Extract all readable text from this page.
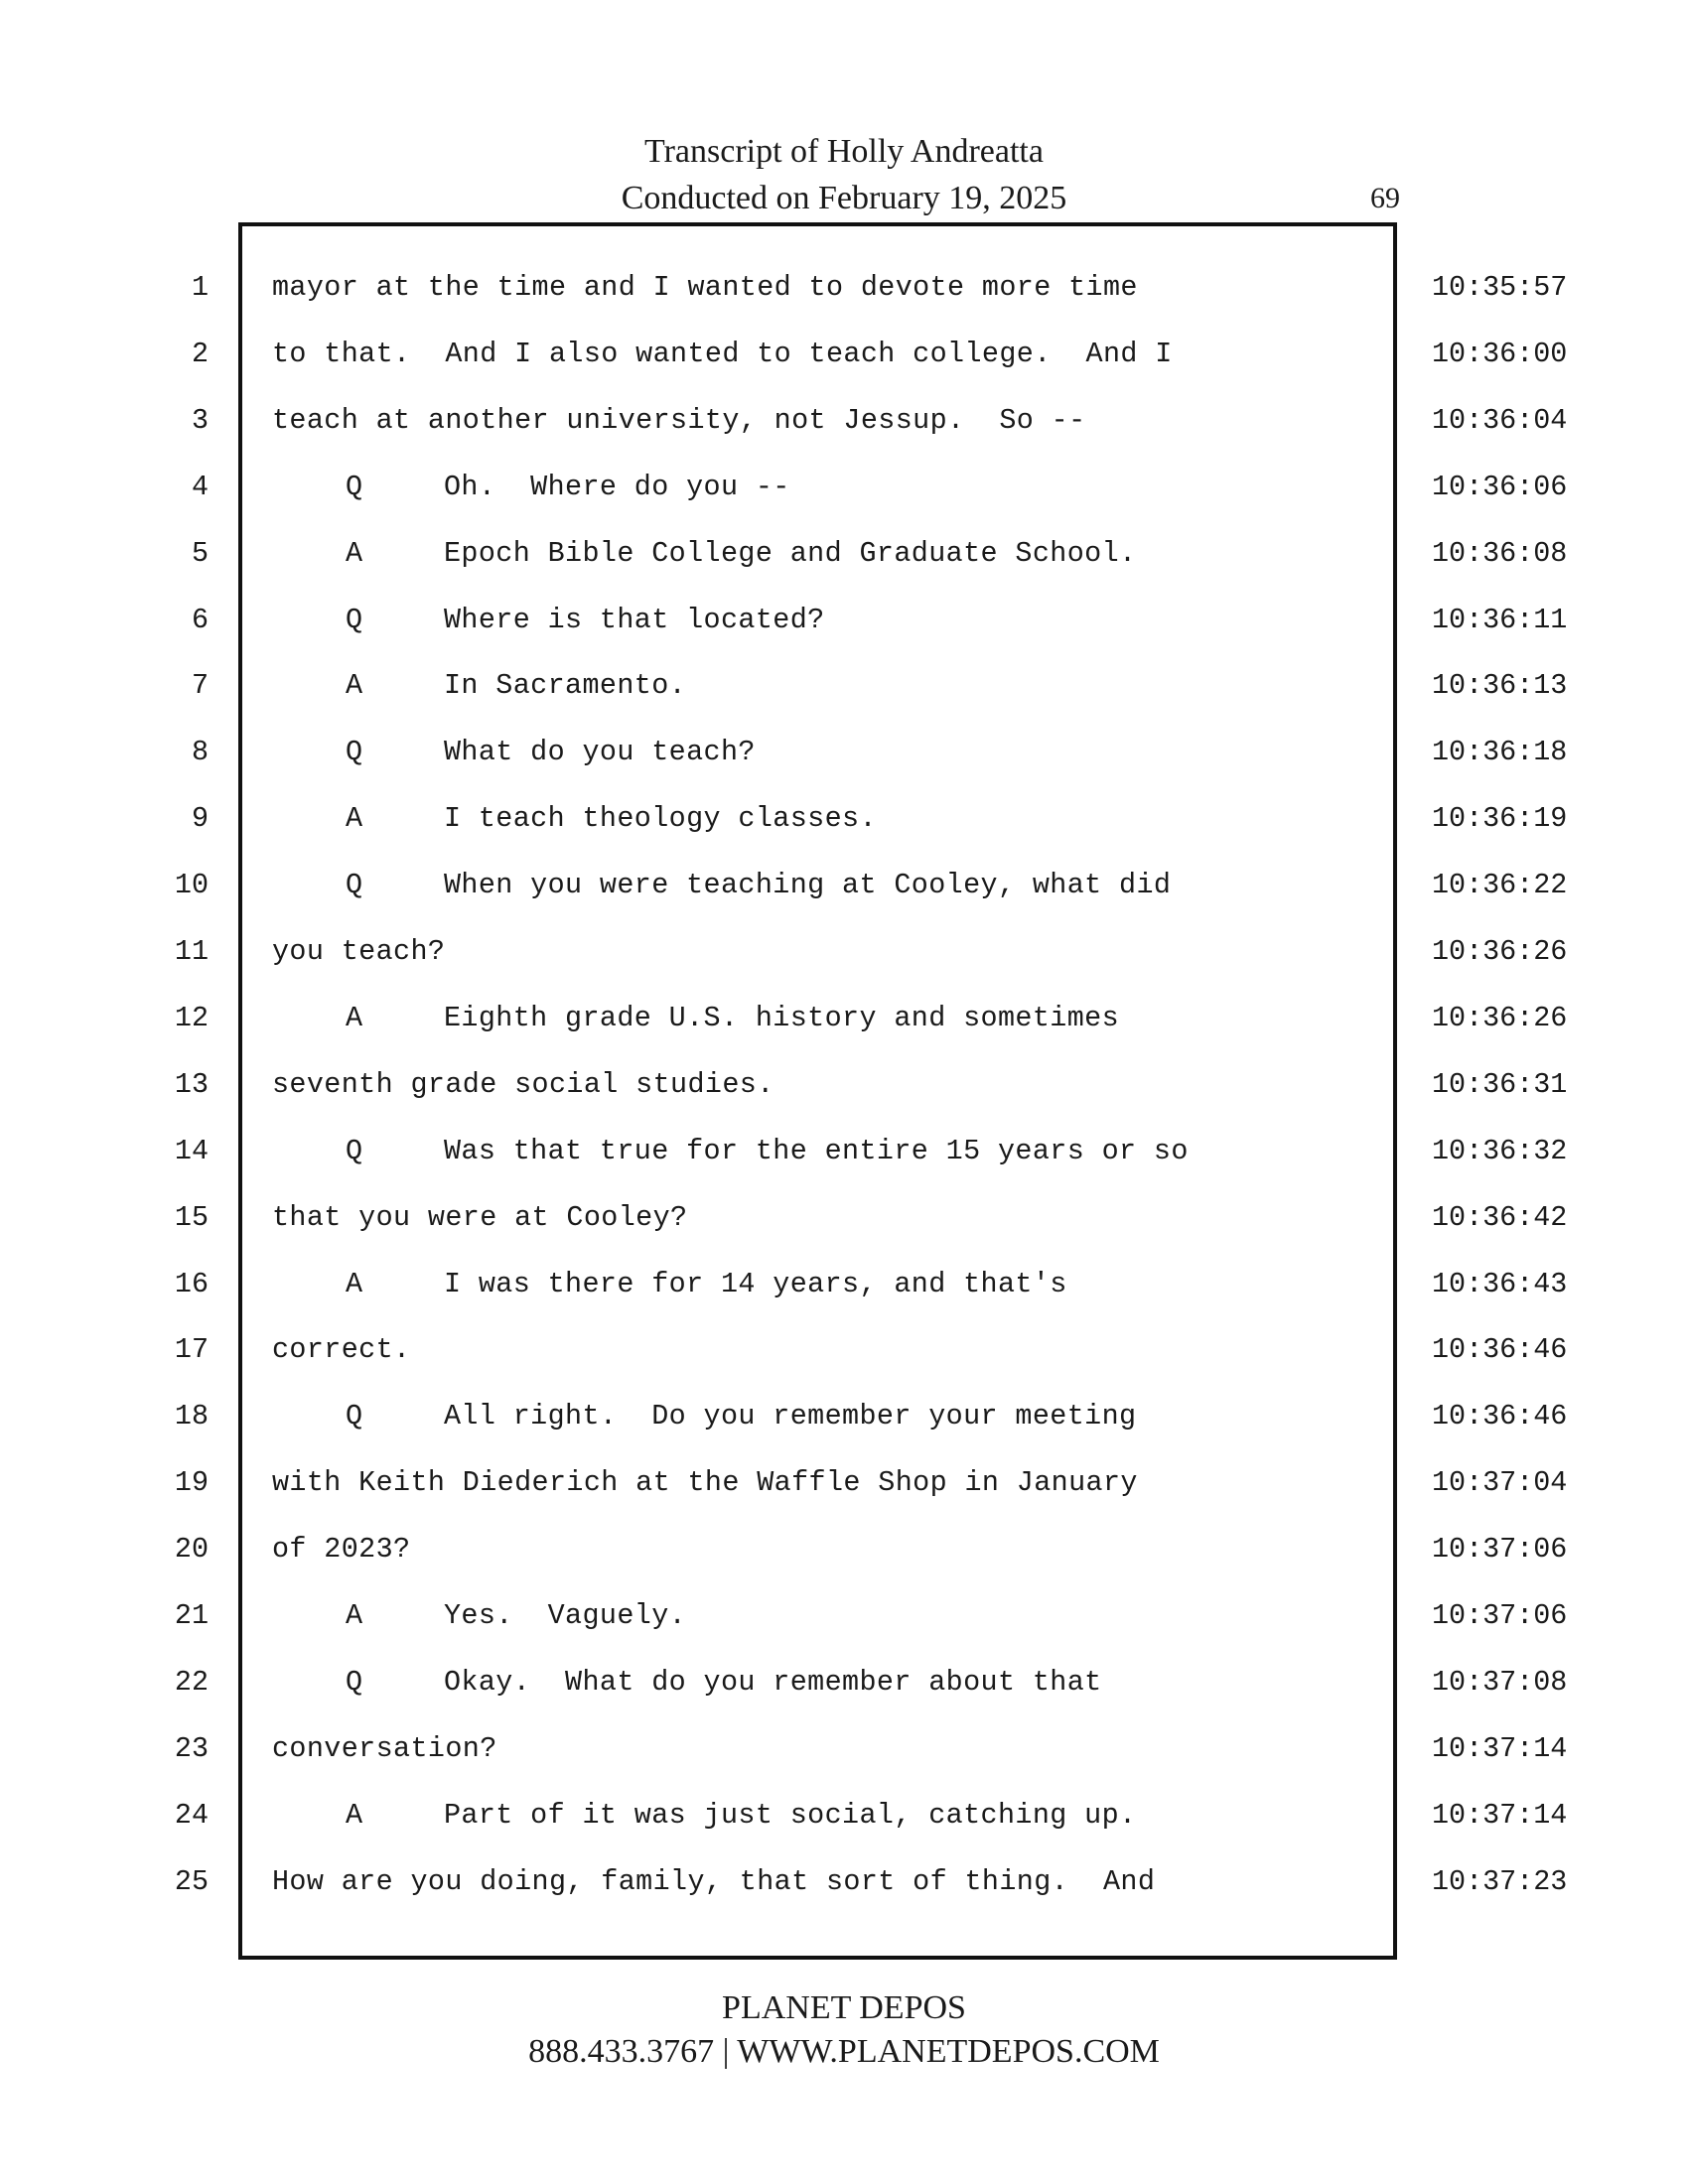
Transcript of Holly Andreatta
Conducted on February 19, 2025	69
1 mayor at the time and I wanted to devote more time	10:35:57
2 to that.  And I also wanted to teach college.  And I	10:36:00
3 teach at another university, not Jessup.  So --	10:36:04
4	Q	Oh.  Where do you --	10:36:06
5	A	Epoch Bible College and Graduate School.	10:36:08
6	Q	Where is that located?	10:36:11
7	A	In Sacramento.	10:36:13
8	Q	What do you teach?	10:36:18
9	A	I teach theology classes.	10:36:19
10	Q	When you were teaching at Cooley, what did	10:36:22
11 you teach?	10:36:26
12	A	Eighth grade U.S. history and sometimes	10:36:26
13 seventh grade social studies.	10:36:31
14	Q	Was that true for the entire 15 years or so	10:36:32
15 that you were at Cooley?	10:36:42
16	A	I was there for 14 years, and that's	10:36:43
17 correct.	10:36:46
18	Q	All right.  Do you remember your meeting	10:36:46
19 with Keith Diederich at the Waffle Shop in January	10:37:04
20 of 2023?	10:37:06
21	A	Yes.  Vaguely.	10:37:06
22	Q	Okay.  What do you remember about that	10:37:08
23 conversation?	10:37:14
24	A	Part of it was just social, catching up.	10:37:14
25 How are you doing, family, that sort of thing.  And	10:37:23
PLANET DEPOS
888.433.3767 | WWW.PLANETDEPOS.COM
